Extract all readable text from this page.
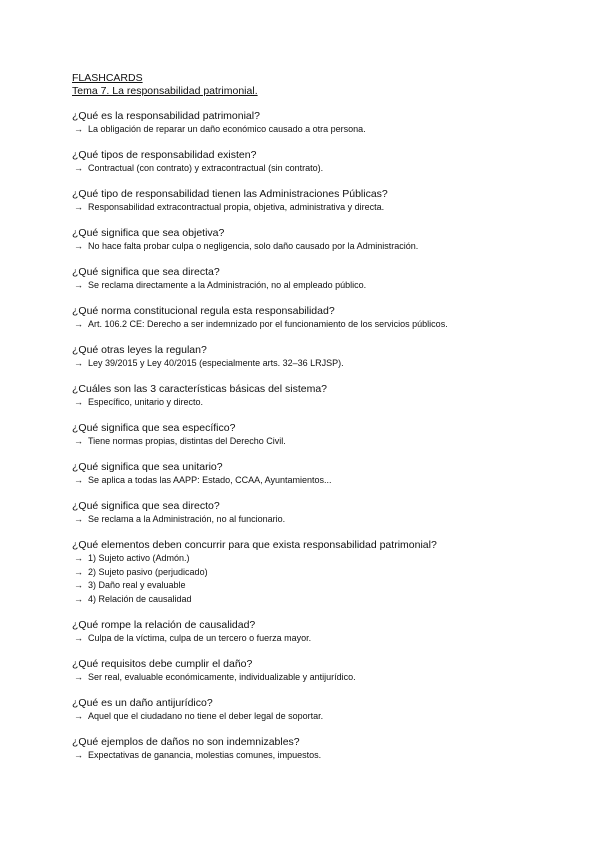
FLASHCARDS
Tema 7. La responsabilidad patrimonial.
¿Qué es la responsabilidad patrimonial?
→ La obligación de reparar un daño económico causado a otra persona.
¿Qué tipos de responsabilidad existen?
→ Contractual (con contrato) y extracontractual (sin contrato).
¿Qué tipo de responsabilidad tienen las Administraciones Públicas?
→ Responsabilidad extracontractual propia, objetiva, administrativa y directa.
¿Qué significa que sea objetiva?
→ No hace falta probar culpa o negligencia, solo daño causado por la Administración.
¿Qué significa que sea directa?
→ Se reclama directamente a la Administración, no al empleado público.
¿Qué norma constitucional regula esta responsabilidad?
→ Art. 106.2 CE: Derecho a ser indemnizado por el funcionamiento de los servicios públicos.
¿Qué otras leyes la regulan?
→ Ley 39/2015 y Ley 40/2015 (especialmente arts. 32–36 LRJSP).
¿Cuáles son las 3 características básicas del sistema?
→ Específico, unitario y directo.
¿Qué significa que sea específico?
→ Tiene normas propias, distintas del Derecho Civil.
¿Qué significa que sea unitario?
→ Se aplica a todas las AAPP: Estado, CCAA, Ayuntamientos...
¿Qué significa que sea directo?
→ Se reclama a la Administración, no al funcionario.
¿Qué elementos deben concurrir para que exista responsabilidad patrimonial?
→ 1) Sujeto activo (Admón.)
→ 2) Sujeto pasivo (perjudicado)
→ 3) Daño real y evaluable
→ 4) Relación de causalidad
¿Qué rompe la relación de causalidad?
→ Culpa de la víctima, culpa de un tercero o fuerza mayor.
¿Qué requisitos debe cumplir el daño?
→ Ser real, evaluable económicamente, individualizable y antijurídico.
¿Qué es un daño antijurídico?
→ Aquel que el ciudadano no tiene el deber legal de soportar.
¿Qué ejemplos de daños no son indemnizables?
→ Expectativas de ganancia, molestias comunes, impuestos.
